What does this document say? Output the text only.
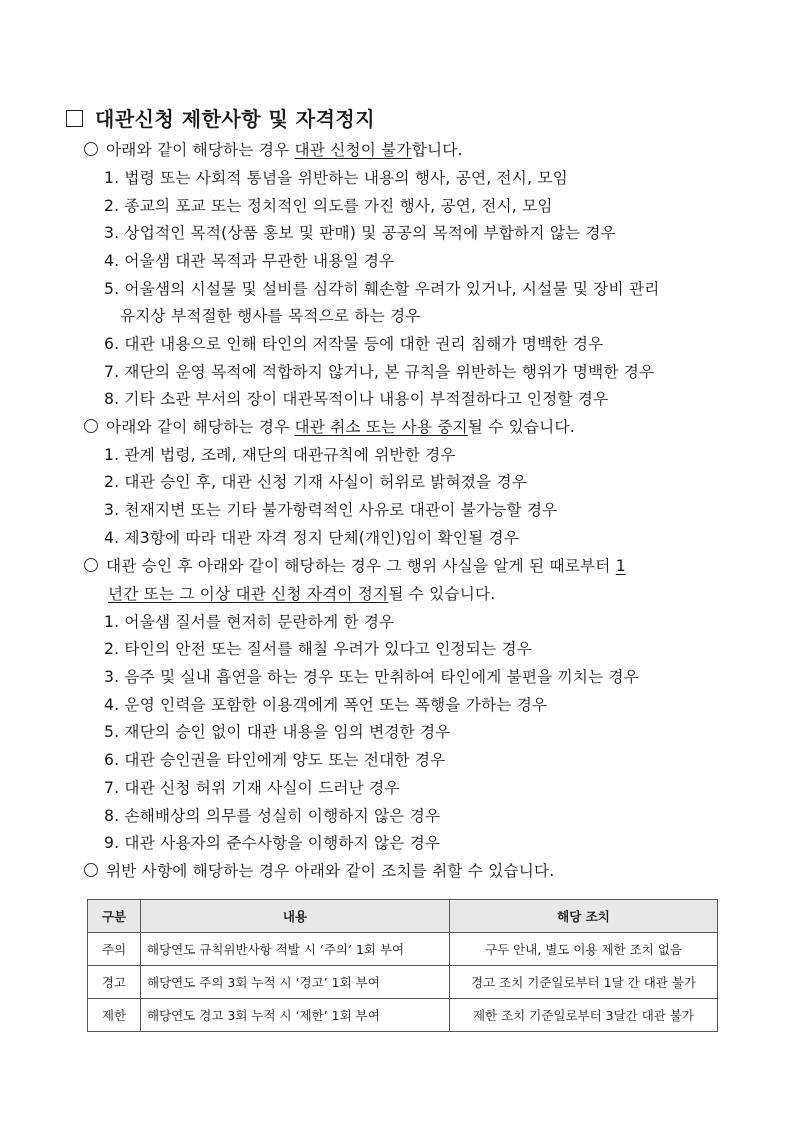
대관신청 제한사항 및 자격정지
아래와 같이 해당하는 경우 대관 신청이 불가합니다.
1. 법령 또는 사회적 통념을 위반하는 내용의 행사, 공연, 전시, 모임
2. 종교의 포교 또는 정치적인 의도를 가진 행사, 공연, 전시, 모임
3. 상업적인 목적(상품 홍보 및 판매) 및 공공의 목적에 부합하지 않는 경우
4. 어울샘 대관 목적과 무관한 내용일 경우
5. 어울샘의 시설물 및 설비를 심각히 훼손할 우려가 있거나, 시설물 및 장비 관리
유지상 부적절한 행사를 목적으로 하는 경우
6. 대관 내용으로 인해 타인의 저작물 등에 대한 권리 침해가 명백한 경우
7. 재단의 운영 목적에 적합하지 않거나, 본 규칙을 위반하는 행위가 명백한 경우
8. 기타 소관 부서의 장이 대관목적이나 내용이 부적절하다고 인정할 경우
아래와 같이 해당하는 경우 대관 취소 또는 사용 중지될 수 있습니다.
1. 관계 법령, 조례, 재단의 대관규칙에 위반한 경우
2. 대관 승인 후, 대관 신청 기재 사실이 허위로 밝혀졌을 경우
3. 천재지변 또는 기타 불가항력적인 사유로 대관이 불가능할 경우
4. 제3항에 따라 대관 자격 정지 단체(개인)임이 확인될 경우
대관 승인 후 아래와 같이 해당하는 경우 그 행위 사실을 알게 된 때로부터 1
년간 또는 그 이상 대관 신청 자격이 정지될 수 있습니다.
1. 어울샘 질서를 현저히 문란하게 한 경우
2. 타인의 안전 또는 질서를 해칠 우려가 있다고 인정되는 경우
3. 음주 및 실내 흡연을 하는 경우 또는 만취하여 타인에게 불편을 끼치는 경우
4. 운영 인력을 포함한 이용객에게 폭언 또는 폭행을 가하는 경우
5. 재단의 승인 없이 대관 내용을 임의 변경한 경우
6. 대관 승인권을 타인에게 양도 또는 전대한 경우
7. 대관 신청 허위 기재 사실이 드러난 경우
8. 손해배상의 의무를 성실히 이행하지 않은 경우
9. 대관 사용자의 준수사항을 이행하지 않은 경우
위반 사항에 해당하는 경우 아래와 같이 조치를 취할 수 있습니다.
구분	내용	해당 조치
주의	해당연도 규칙위반사항 적발 시 ‘주의’ 1회 부여	구두 안내, 별도 이용 제한 조치 없음
경고	해당연도 주의 3회 누적 시 ‘경고’ 1회 부여	경고 조치 기준일로부터 1달 간 대관 불가
제한	해당연도 경고 3회 누적 시 ‘제한’ 1회 부여	제한 조치 기준일로부터 3달간 대관 불가
